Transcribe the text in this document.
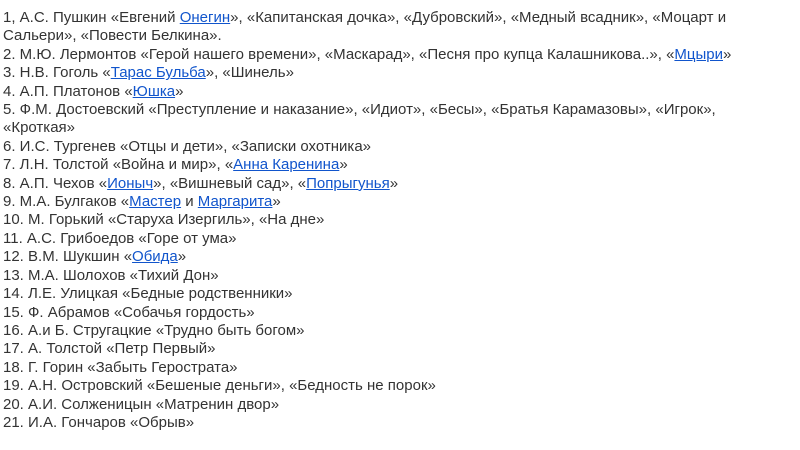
1, А.С. Пушкин «Евгений Онегин», «Капитанская дочка», «Дубровский», «Медный всадник», «Моцарт и
Сальери», «Повести Белкина».

2. М.Ю. Лермонтов «Герой нашего времени», «Маскарад», «Песня про купца Калашникова..», «Мцыри»

3. Н.В. Гоголь «Тарас Бульба», «Шинель»

4. А.П. Платонов «Юшка»

5. Ф.М. Достоевский «Преступление и наказание», «Идиот», «Бесы», «Братья Карамазовы», «Игрок»,
«Кроткая»

6. И.С. Тургенев «Отцы и дети», «Записки охотника»

7. Л.Н. Толстой «Война и мир», «Анна Каренина»

8. А.П. Чехов «Ионыч», «Вишневый сад», «Попрыгунья»

9. М.А. Булгаков «Мастер и Маргарита»

10. М. Горький «Старуха Изергиль», «На дне»

11. А.С. Грибоедов «Горе от ума»

12. В.М. Шукшин «Обида»

13. М.А. Шолохов «Тихий Дон»

14. Л.Е. Улицкая «Бедные родственники»

15. Ф. Абрамов «Собачья гордость»

16. А.и Б. Стругацкие «Трудно быть богом»

17. А. Толстой «Петр Первый»

18. Г. Горин «Забыть Герострата»

19. А.Н. Островский «Бешеные деньги», «Бедность не порок»

20. А.И. Солженицын «Матренин двор»

21. И.А. Гончаров «Обрыв»
